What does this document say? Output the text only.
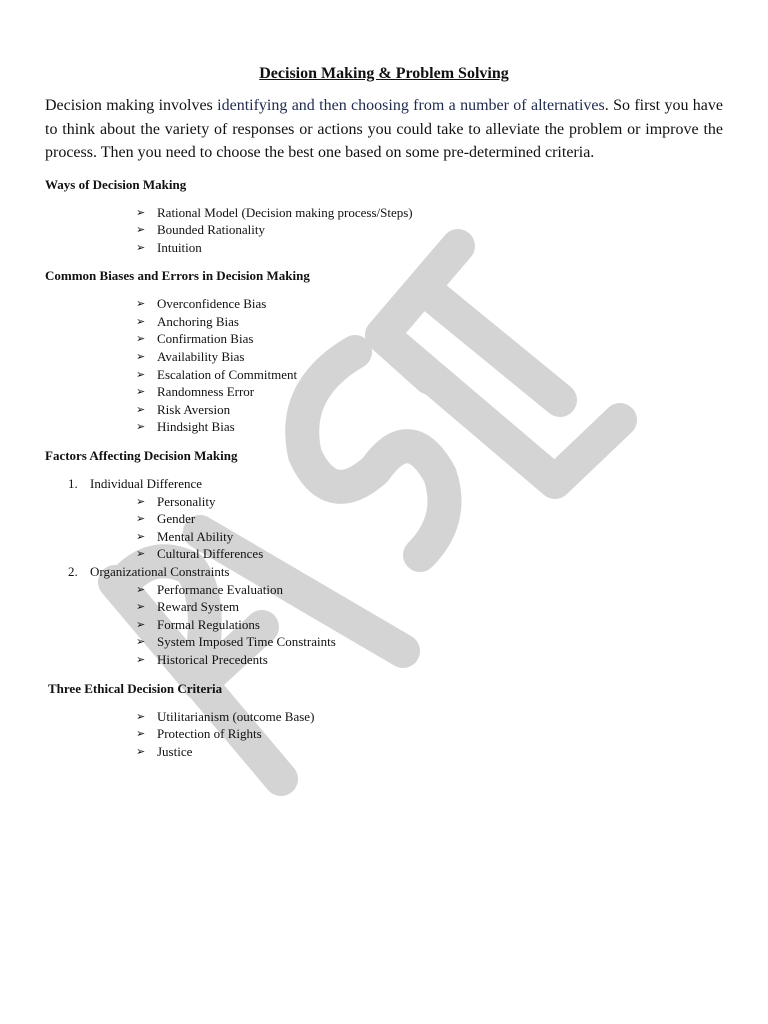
Decision Making & Problem Solving

Decision making involves identifying and then choosing from a number of alternatives. So first you have to think about the variety of responses or actions you could take to alleviate the problem or improve the process. Then you need to choose the best one based on some pre-determined criteria.

Ways of Decision Making
➢ Rational Model (Decision making process/Steps)
➢ Bounded Rationality
➢ Intuition
Common Biases and Errors in Decision Making
➢ Overconfidence Bias
➢ Anchoring Bias
➢ Confirmation Bias
➢ Availability Bias
➢ Escalation of Commitment
➢ Randomness Error
➢ Risk Aversion
➢ Hindsight Bias
Factors Affecting Decision Making
1. Individual Difference
➢ Personality
➢ Gender
➢ Mental Ability
➢ Cultural Differences
2. Organizational Constraints
➢ Performance Evaluation
➢ Reward System
➢ Formal Regulations
➢ System Imposed Time Constraints
➢ Historical Precedents
Three Ethical Decision Criteria
➢ Utilitarianism (outcome Base)
➢ Protection of Rights
➢ Justice
